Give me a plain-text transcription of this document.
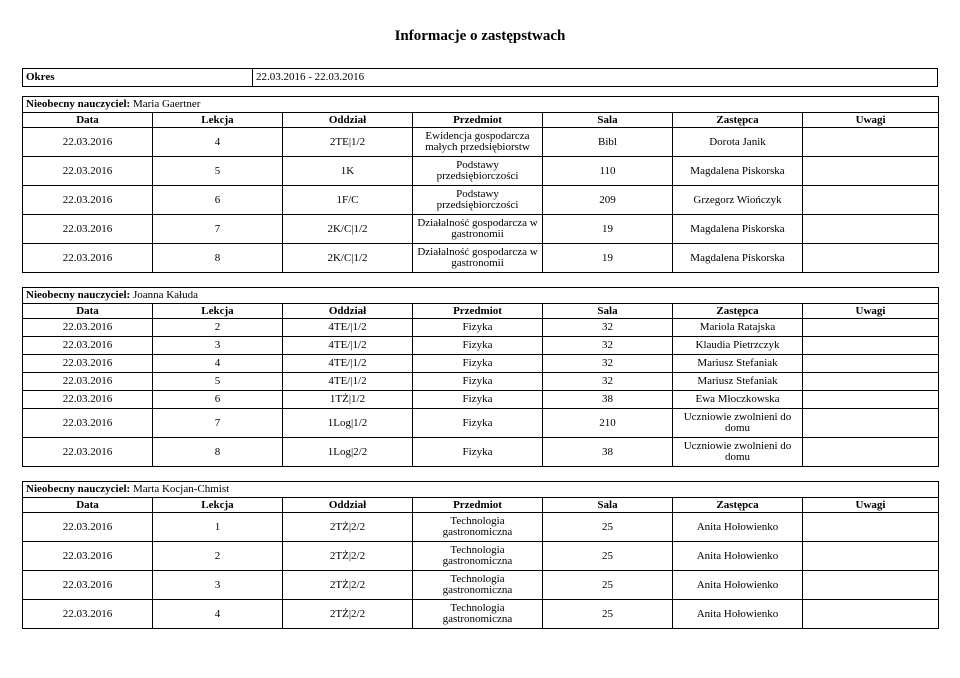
Informacje o zastępstwach
Okres	22.03.2016 - 22.03.2016
Nieobecny nauczyciel: Maria Gaertner						
Data	Lekcja	Oddział	Przedmiot	Sala	Zastępca	Uwagi
22.03.2016	4	2TE|1/2	Ewidencja gospodarcza małych przedsiębiorstw	Bibl	Dorota Janik	
22.03.2016	5	1K	Podstawy przedsiębiorczości	110	Magdalena Piskorska	
22.03.2016	6	1F/C	Podstawy przedsiębiorczości	209	Grzegorz Wiończyk	
22.03.2016	7	2K/C|1/2	Działalność gospodarcza w gastronomii	19	Magdalena Piskorska	
22.03.2016	8	2K/C|1/2	Działalność gospodarcza w gastronomii	19	Magdalena Piskorska	
Nieobecny nauczyciel: Joanna Kałuda						
Data	Lekcja	Oddział	Przedmiot	Sala	Zastępca	Uwagi
22.03.2016	2	4TE/|1/2	Fizyka	32	Mariola Ratajska	
22.03.2016	3	4TE/|1/2	Fizyka	32	Klaudia Pietrzczyk	
22.03.2016	4	4TE/|1/2	Fizyka	32	Mariusz Stefaniak	
22.03.2016	5	4TE/|1/2	Fizyka	32	Mariusz Stefaniak	
22.03.2016	6	1TŻ|1/2	Fizyka	38	Ewa Młoczkowska	
22.03.2016	7	1Log|1/2	Fizyka	210	Uczniowie zwolnieni do domu	
22.03.2016	8	1Log|2/2	Fizyka	38	Uczniowie zwolnieni do domu	
Nieobecny nauczyciel: Marta Kocjan-Chmist						
Data	Lekcja	Oddział	Przedmiot	Sala	Zastępca	Uwagi
22.03.2016	1	2TŻ|2/2	Technologia gastronomiczna	25	Anita Hołowienko	
22.03.2016	2	2TŻ|2/2	Technologia gastronomiczna	25	Anita Hołowienko	
22.03.2016	3	2TŻ|2/2	Technologia gastronomiczna	25	Anita Hołowienko	
22.03.2016	4	2TŻ|2/2	Technologia gastronomiczna	25	Anita Hołowienko	
